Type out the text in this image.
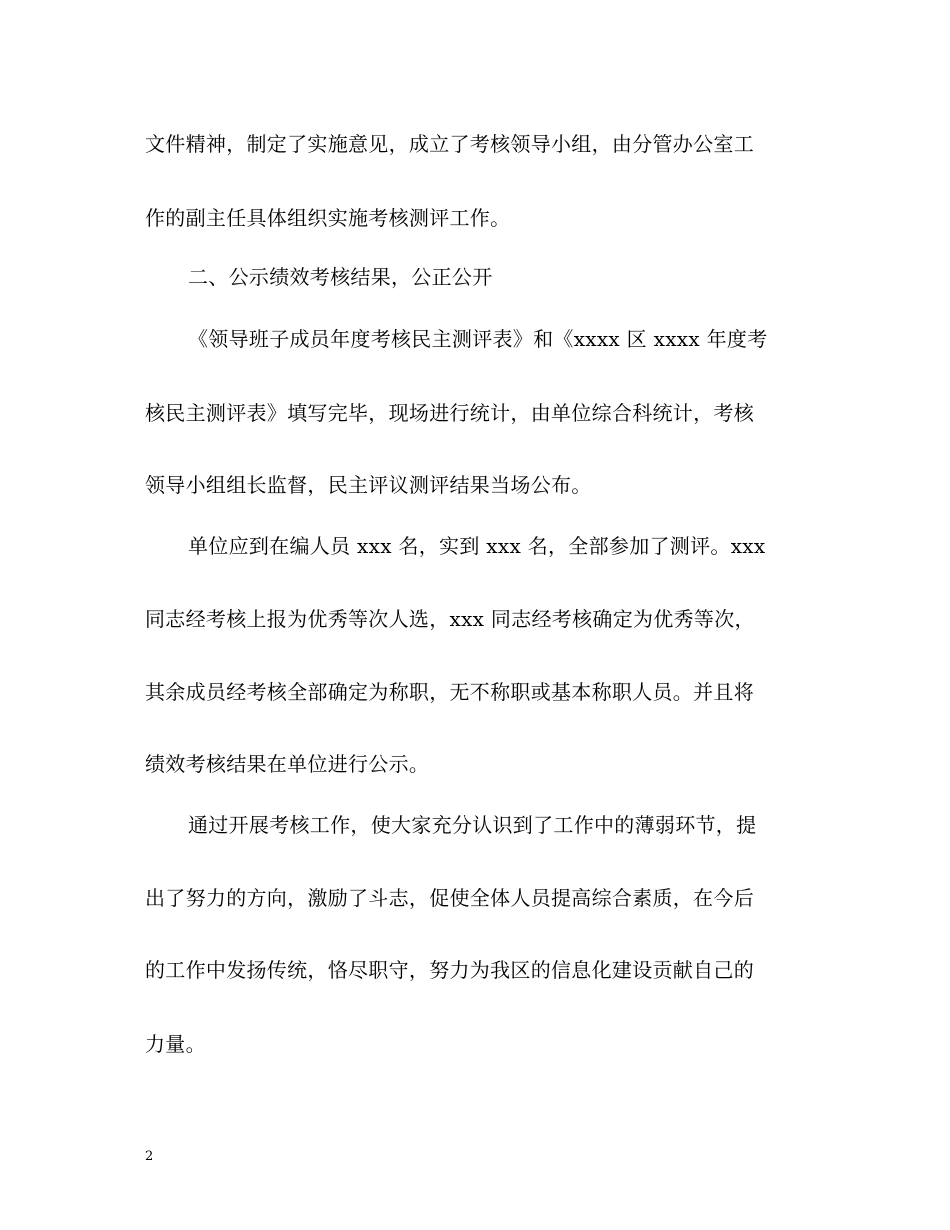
文件精神，制定了实施意见，成立了考核领导小组，由分管办公室工
作的副主任具体组织实施考核测评工作。
二、公示绩效考核结果，公正公开
《领导班子成员年度考核民主测评表》和《xxxx 区 xxxx 年度考
核民主测评表》填写完毕，现场进行统计，由单位综合科统计，考核
领导小组组长监督，民主评议测评结果当场公布。
单位应到在编人员 xxx 名，实到 xxx 名，全部参加了测评。xxx
同志经考核上报为优秀等次人选，xxx 同志经考核确定为优秀等次，
其余成员经考核全部确定为称职，无不称职或基本称职人员。并且将
绩效考核结果在单位进行公示。
通过开展考核工作，使大家充分认识到了工作中的薄弱环节，提
出了努力的方向，激励了斗志，促使全体人员提高综合素质，在今后
的工作中发扬传统，恪尽职守，努力为我区的信息化建设贡献自己的
力量。
2
